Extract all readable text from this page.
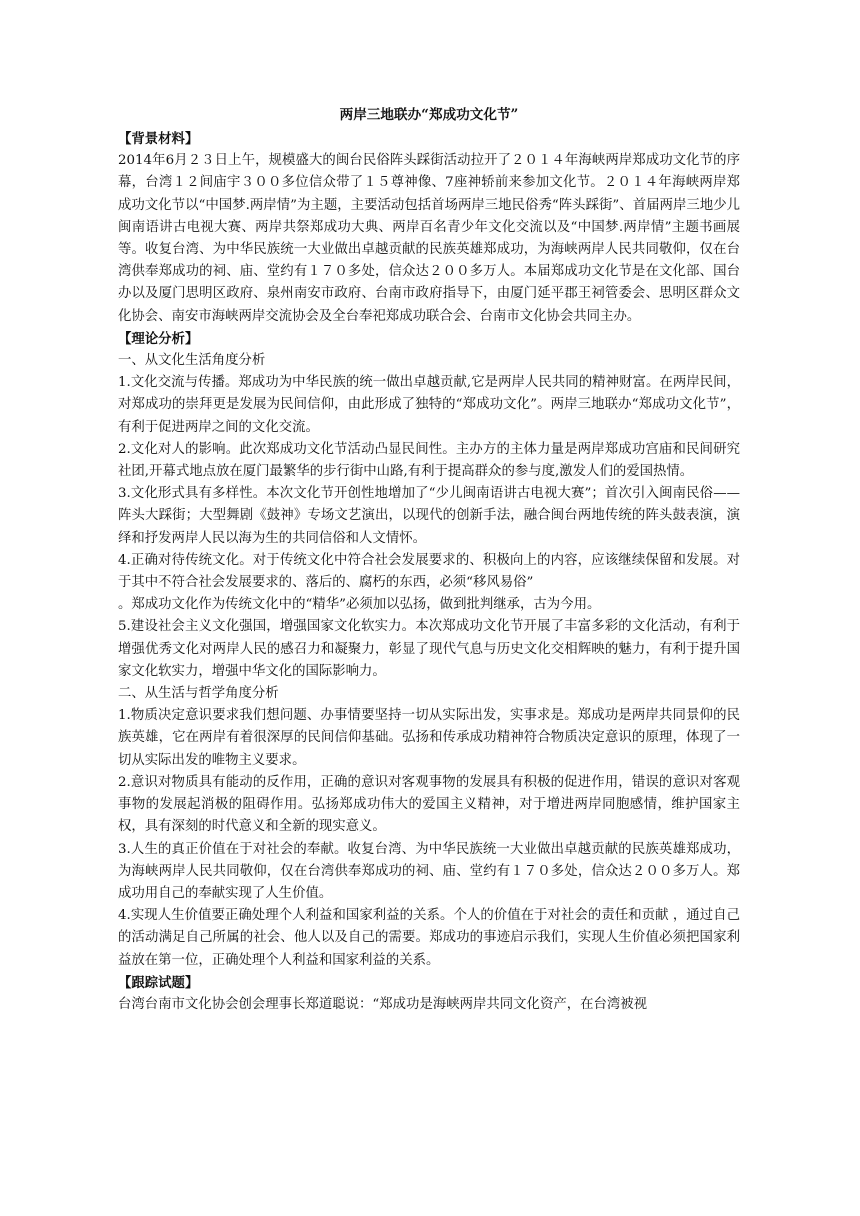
两岸三地联办“郑成功文化节”
【背景材料】

2014年6月２３日上午，规模盛大的闽台民俗阵头踩街活动拉开了２０１４年海峡两岸郑成功文化节的序幕，台湾１２间庙宇３００多位信众带了１５尊神像、7座神轿前来参加文化节。２０１４年海峡两岸郑成功文化节以“中国梦.两岸情”为主题，主要活动包括首场两岸三地民俗秀“阵头踩街”、首届两岸三地少儿闽南语讲古电视大赛、两岸共祭郑成功大典、两岸百名青少年文化交流以及“中国梦.两岸情”主题书画展等。收复台湾、为中华民族统一大业做出卓越贡献的民族英雄郑成功，为海峡两岸人民共同敬仰，仅在台湾供奉郑成功的祠、庙、堂约有１７０多处，信众达２００多万人。本届郑成功文化节是在文化部、国台办以及厦门思明区政府、泉州南安市政府、台南市政府指导下，由厦门延平郡王祠管委会、思明区群众文化协会、南安市海峡两岸交流协会及全台奉祀郑成功联合会、台南市文化协会共同主办。

【理论分析】
一、从文化生活角度分析

1.文化交流与传播。郑成功为中华民族的统一做出卓越贡献,它是两岸人民共同的精神财富。在两岸民间，对郑成功的崇拜更是发展为民间信仰，由此形成了独特的“郑成功文化”。两岸三地联办“郑成功文化节”，有利于促进两岸之间的文化交流。

2.文化对人的影响。此次郑成功文化节活动凸显民间性。主办方的主体力量是两岸郑成功宫庙和民间研究社团,开幕式地点放在厦门最繁华的步行街中山路,有利于提高群众的参与度,激发人们的爱国热情。

3.文化形式具有多样性。本次文化节开创性地增加了“少儿闽南语讲古电视大赛”；首次引入闽南民俗——阵头大踩街；大型舞剧《鼓神》专场文艺演出，以现代的创新手法，融合闽台两地传统的阵头鼓表演，演绎和抒发两岸人民以海为生的共同信俗和人文情怀。

4.正确对待传统文化。对于传统文化中符合社会发展要求的、积极向上的内容，应该继续保留和发展。对于其中不符合社会发展要求的、落后的、腐朽的东西，必须“移风易俗”

。郑成功文化作为传统文化中的“精华”必须加以弘扬，做到批判继承，古为今用。

5.建设社会主义文化强国，增强国家文化软实力。本次郑成功文化节开展了丰富多彩的文化活动，有利于增强优秀文化对两岸人民的感召力和凝聚力，彰显了现代气息与历史文化交相辉映的魅力，有利于提升国家文化软实力，增强中华文化的国际影响力。

二、从生活与哲学角度分析

1.物质决定意识要求我们想问题、办事情要坚持一切从实际出发，实事求是。郑成功是两岸共同景仰的民族英雄，它在两岸有着很深厚的民间信仰基础。弘扬和传承成功精神符合物质决定意识的原理，体现了一切从实际出发的唯物主义要求。

2.意识对物质具有能动的反作用，正确的意识对客观事物的发展具有积极的促进作用，错误的意识对客观事物的发展起消极的阻碍作用。弘扬郑成功伟大的爱国主义精神，对于增进两岸同胞感情，维护国家主权，具有深刻的时代意义和全新的现实意义。

3.人生的真正价值在于对社会的奉献。收复台湾、为中华民族统一大业做出卓越贡献的民族英雄郑成功，为海峡两岸人民共同敬仰，仅在台湾供奉郑成功的祠、庙、堂约有１７０多处，信众达２００多万人。郑成功用自己的奉献实现了人生价值。

4.实现人生价值要正确处理个人利益和国家利益的关系。个人的价值在于对社会的责任和贡献 ，通过自己的活动满足自己所属的社会、他人以及自己的需要。郑成功的事迹启示我们，实现人生价值必须把国家利益放在第一位，正确处理个人利益和国家利益的关系。

【跟踪试题】

台湾台南市文化协会创会理事长郑道聪说：“郑成功是海峡两岸共同文化资产，在台湾被视
